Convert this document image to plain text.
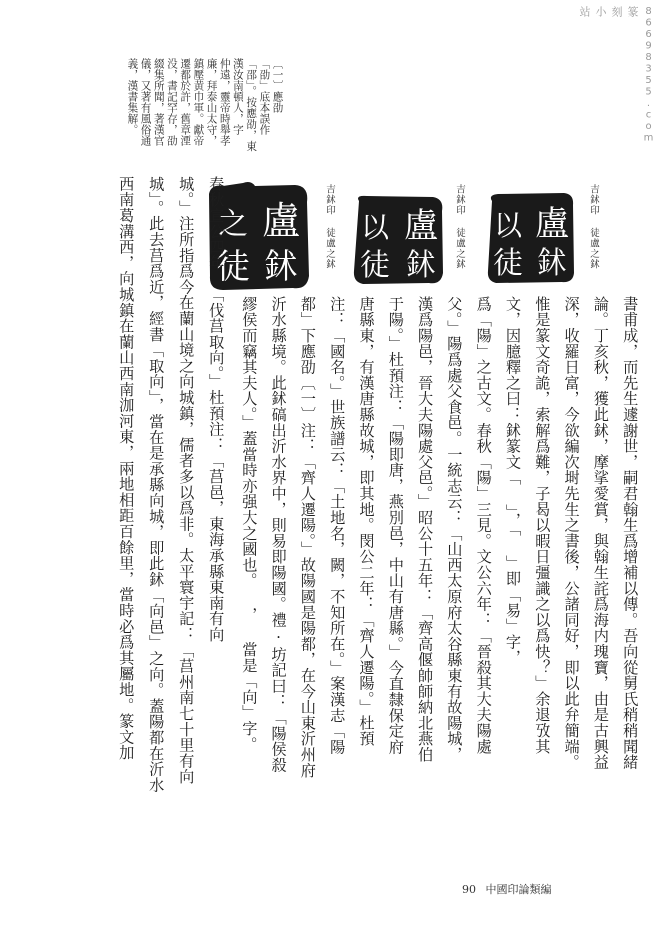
86698355.com
篆刻小站
盧
以
徒 鉥
盧
以
徒 鉥
盧
之
徒 鉥	吉鉥印 徒盧之鉥
吉鉥印 徒盧之鉥
吉鉥印 徒盧之鉥
〔一〕應劭
「劭」底本誤作
「邵」。按應劭，東
漢汝南頓人，字
仲遠，靈帝時舉孝
廉，拜泰山太守，
鎮壓黄巾軍。獻帝
遷都於許，舊章湮
没，書記罕存，劭
綴集所聞，著漢官
儀，又著有風俗通
義，漢書集解。
書甫成，而先生遽謝世，嗣君翰生爲增補以傳。吾向從舅氏稍稍聞緒
論。丁亥秋，獲此鉥，摩挲愛賞，與翰生詫爲海内瑰寶，由是古興益
深，收羅日富，今欲編次埘先生之書後，公諸同好，即以此弁簡端。
惟是篆文奇詭，索解爲難，子曷以暇日彊識之以爲快？」余退攷其
文，因臆釋之曰：鉥篆文「 」，「 」即「易」字，
爲「陽」之古文。春秋「陽」三見。文公六年：「晉殺其大夫陽處
父。」陽爲處父食邑。一統志云：「山西太原府太谷縣東有故陽城，
漢爲陽邑，晉大夫陽處父邑。」昭公十五年：「齊高偃帥師納北燕伯
于陽。」杜預注：「陽即唐，燕別邑，中山有唐縣。」今直隸保定府
唐縣東，有漢唐縣故城，即其地。閔公二年：「齊人遷陽。」杜預
注：「國名。」世族譜云：「土地名，闕，不知所在。」案漢志「陽
都」下應劭〔一〕注：「齊人遷陽。」故陽國是陽都，在今山東沂州府
沂水縣境。此鉥碻出沂水界中，則易即陽國。禮·坊記曰：「陽侯殺
繆侯而竊其夫人。」蓋當時亦强大之國也。 ， 當是「向」字。
春秋宣公四年：「伐莒取向。」杜預注：「莒邑，東海承縣東南有向
城。」注所指爲今在蘭山境之向城鎮，儒者多以爲非。太平寰宇記：「莒州南七十里有向
城」。此去莒爲近，經書「取向」，當在是承縣向城，即此鉥「向邑」之向。蓋陽都在沂水
西南葛溝西，向城鎮在蘭山西南泇河東，兩地相距百餘里，當時必爲其屬地。篆文加
90 中國印論類編
